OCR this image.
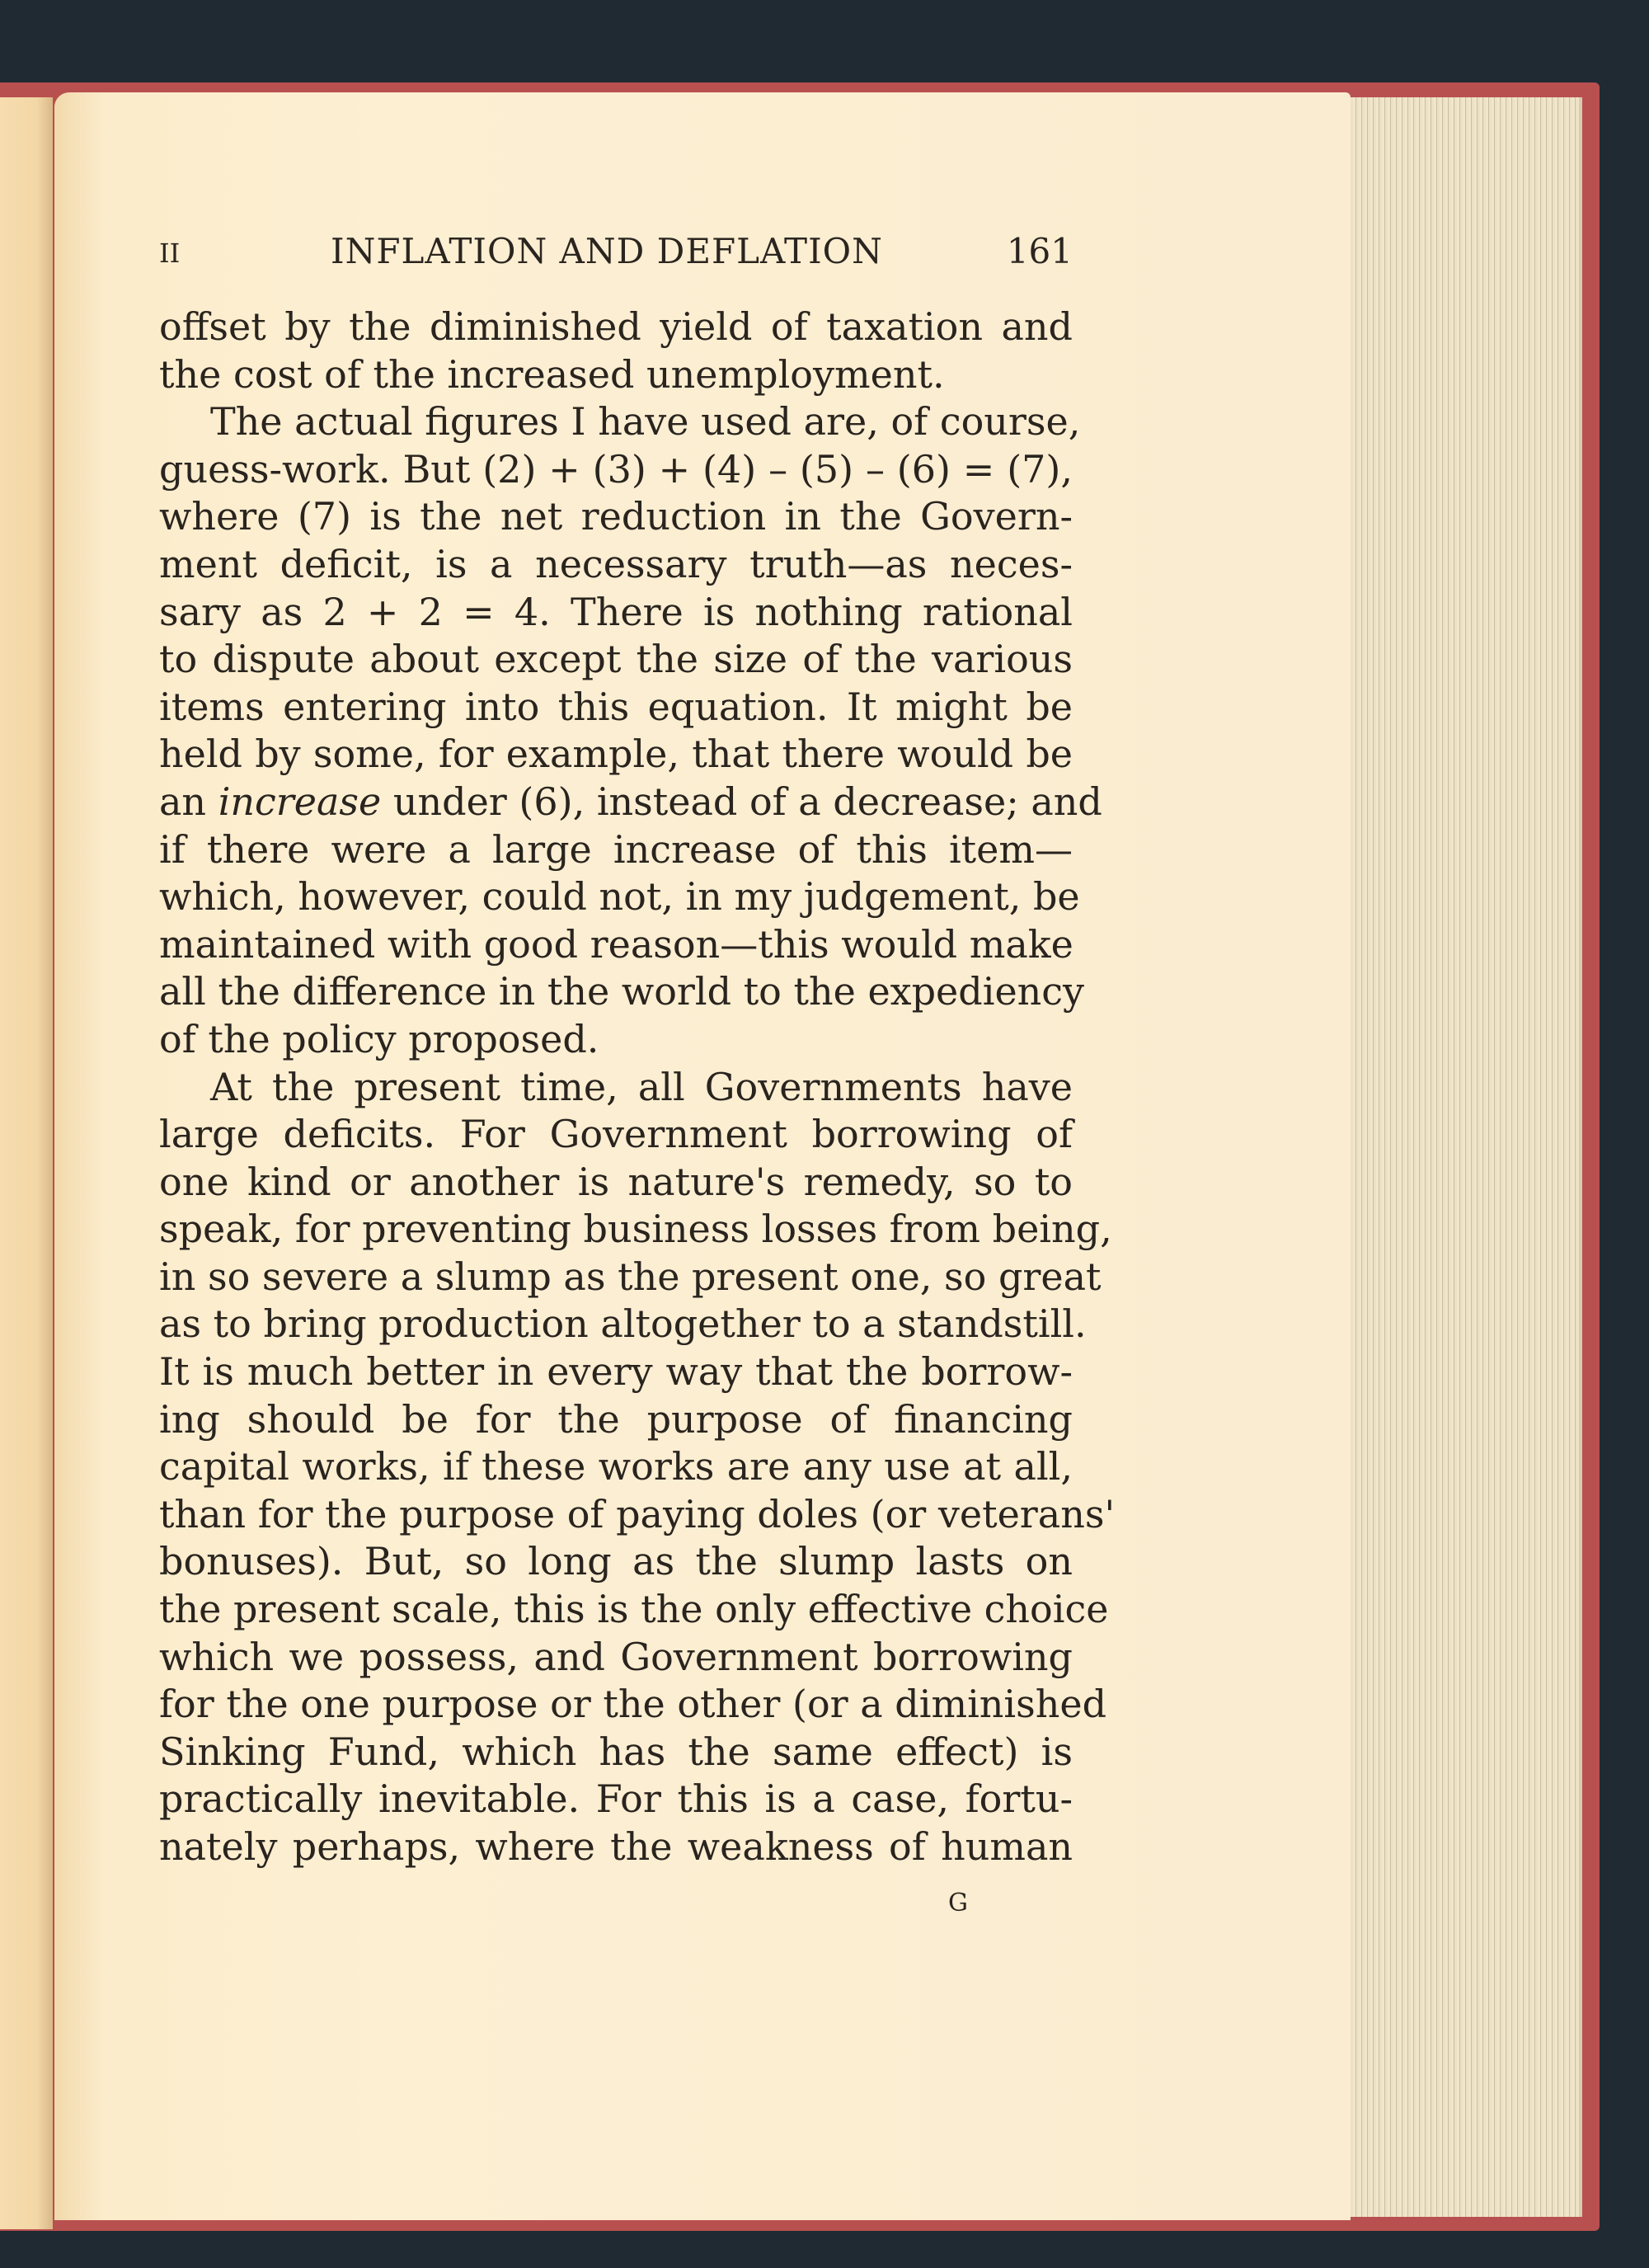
II	INFLATION AND DEFLATION	161
offset by the diminished yield of taxation and
the cost of the increased unemployment.
The actual figures I have used are, of course,
guess-work. But (2) + (3) + (4) – (5) – (6) = (7),
where (7) is the net reduction in the Govern-
ment deficit, is a necessary truth—as neces-
sary as 2 + 2 = 4. There is nothing rational
to dispute about except the size of the various
items entering into this equation. It might be
held by some, for example, that there would be
an increase under (6), instead of a decrease; and
if there were a large increase of this item—
which, however, could not, in my judgement, be
maintained with good reason—this would make
all the difference in the world to the expediency
of the policy proposed.
At the present time, all Governments have
large deficits. For Government borrowing of
one kind or another is nature's remedy, so to
speak, for preventing business losses from being,
in so severe a slump as the present one, so great
as to bring production altogether to a standstill.
It is much better in every way that the borrow-
ing should be for the purpose of financing
capital works, if these works are any use at all,
than for the purpose of paying doles (or veterans'
bonuses). But, so long as the slump lasts on
the present scale, this is the only effective choice
which we possess, and Government borrowing
for the one purpose or the other (or a diminished
Sinking Fund, which has the same effect) is
practically inevitable. For this is a case, fortu-
nately perhaps, where the weakness of human
G
